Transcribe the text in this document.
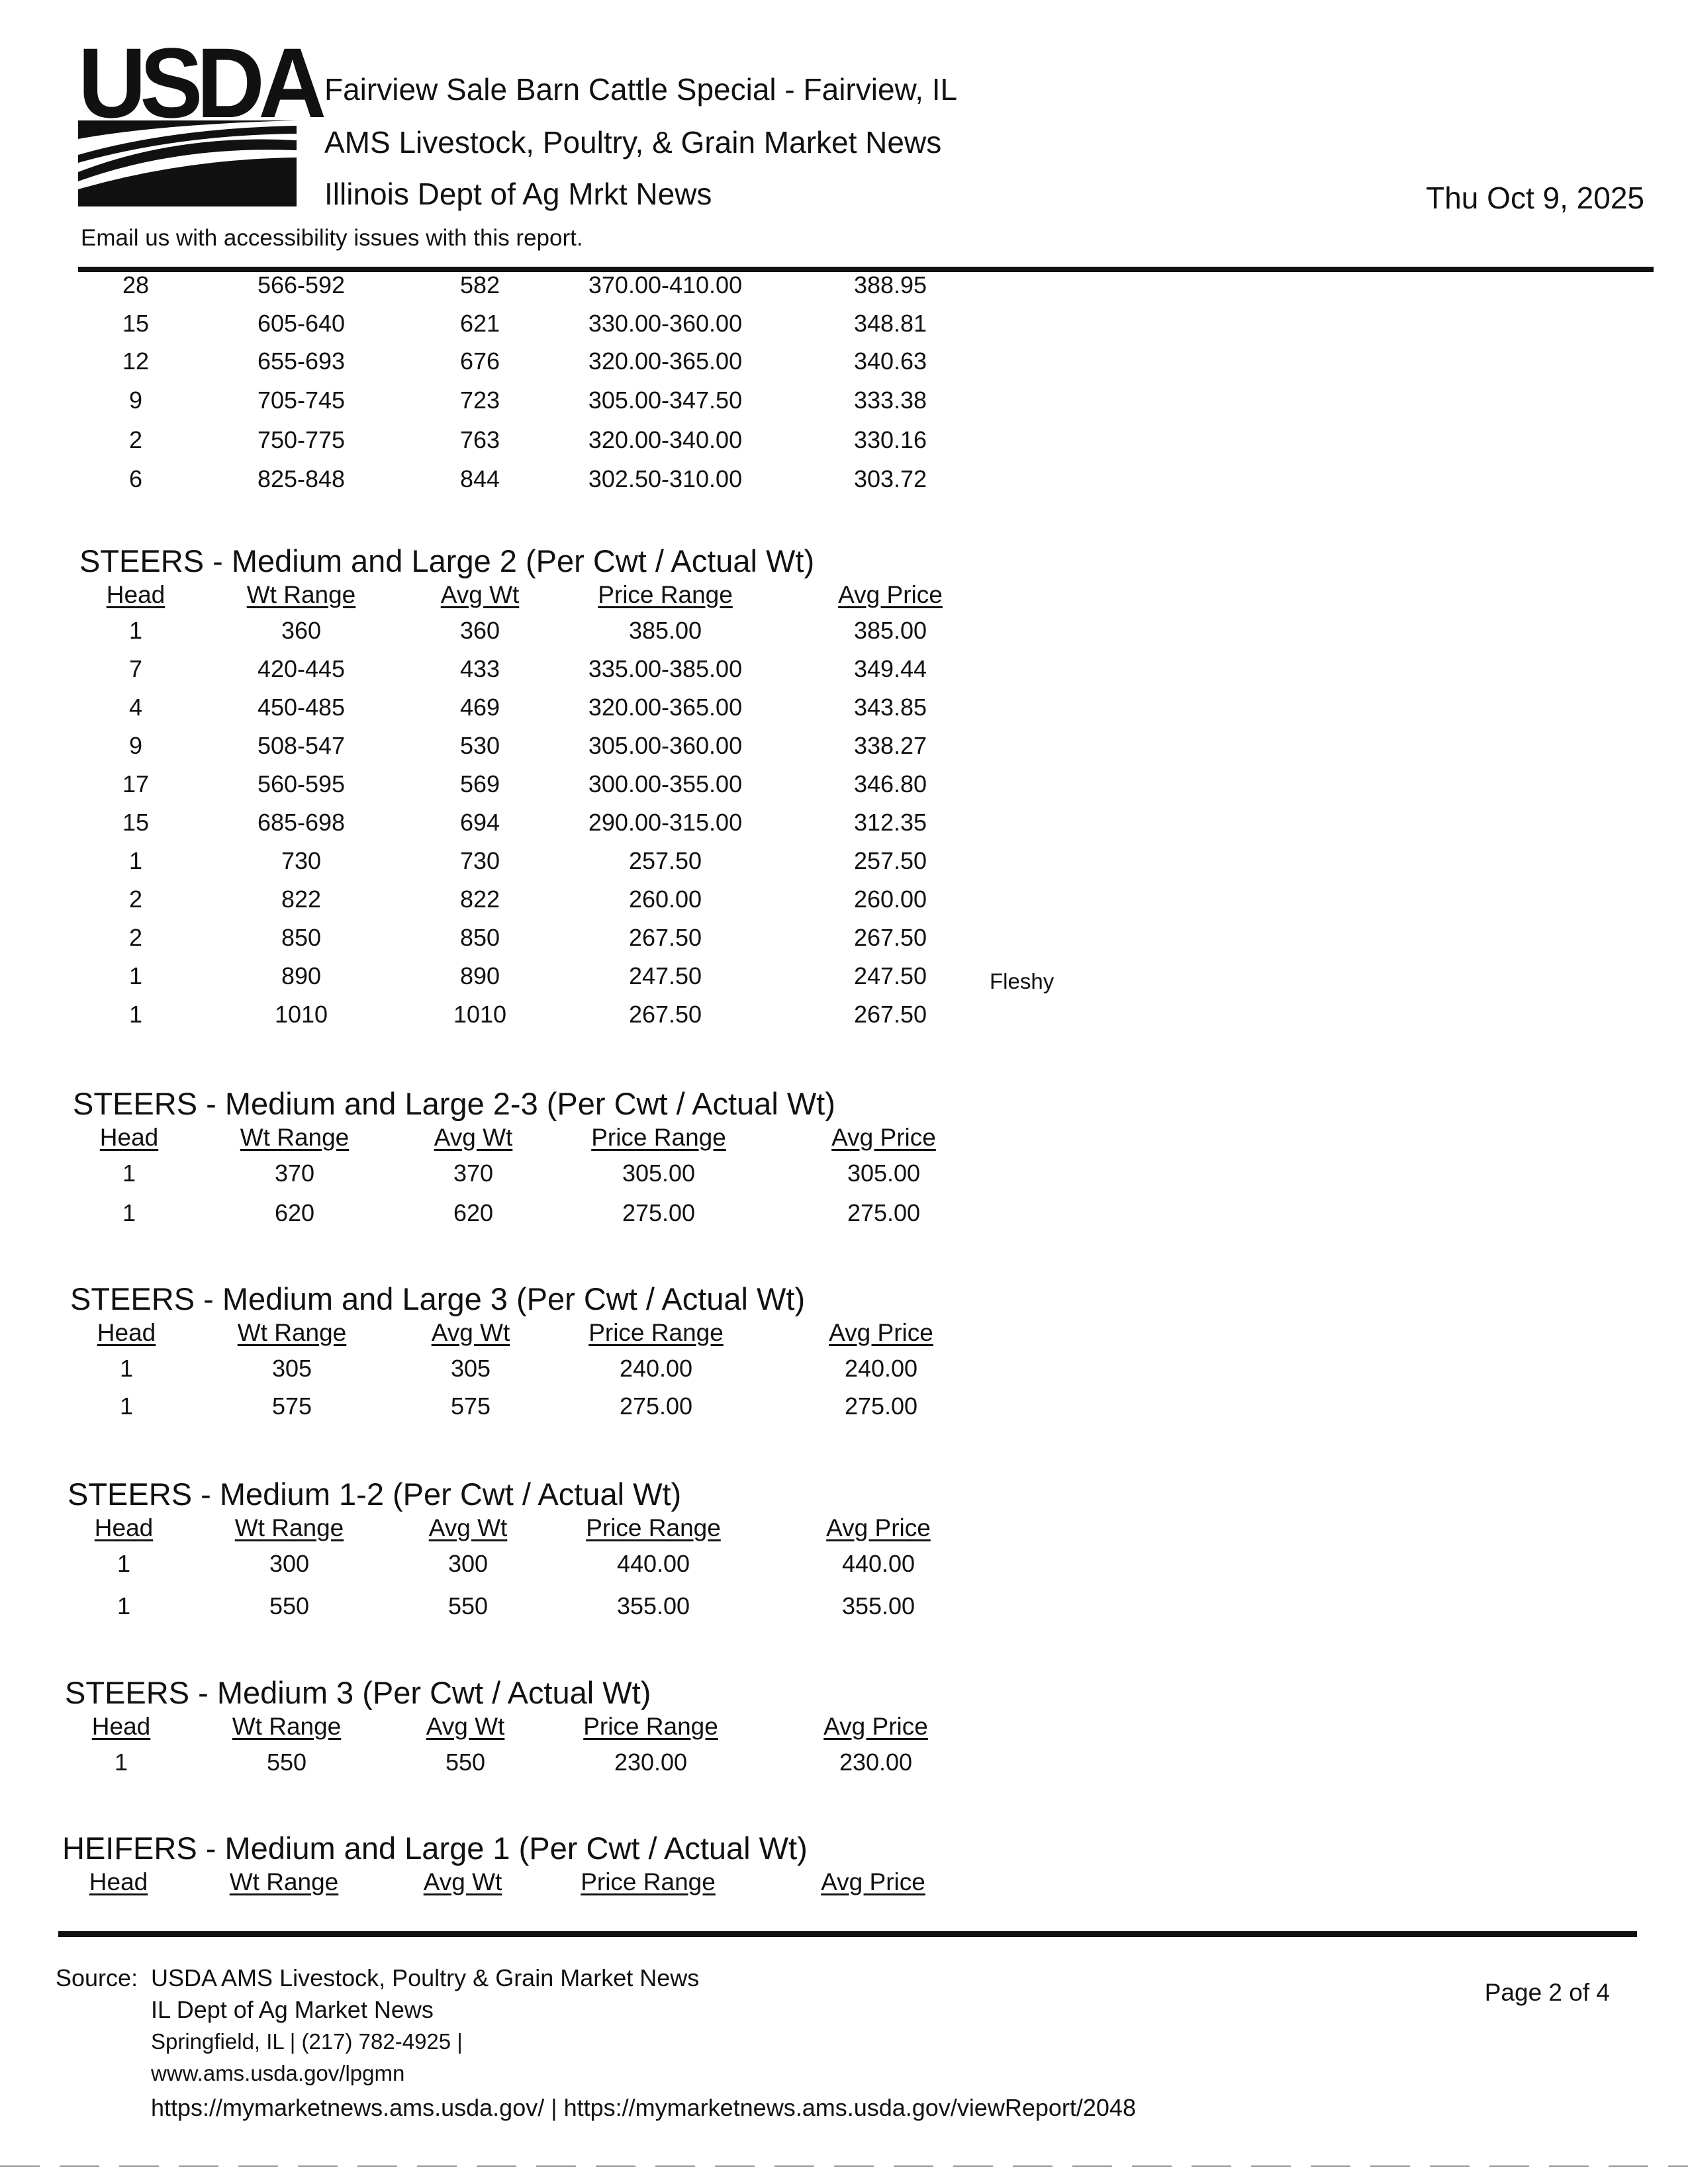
USDA Fairview Sale Barn Cattle Special - Fairview, IL
AMS Livestock, Poultry, & Grain Market News
Illinois Dept of Ag Mrkt News	Thu Oct 9, 2025
Email us with accessibility issues with this report.
28	566-592	582	370.00-410.00	388.95
15	605-640	621	330.00-360.00	348.81
12	655-693	676	320.00-365.00	340.63
9	705-745	723	305.00-347.50	333.38
2	750-775	763	320.00-340.00	330.16
6	825-848	844	302.50-310.00	303.72
STEERS - Medium and Large 2 (Per Cwt / Actual Wt)
Head	Wt Range	Avg Wt	Price Range	Avg Price
1	360	360	385.00	385.00
7	420-445	433	335.00-385.00	349.44
4	450-485	469	320.00-365.00	343.85
9	508-547	530	305.00-360.00	338.27
17	560-595	569	300.00-355.00	346.80
15	685-698	694	290.00-315.00	312.35
1	730	730	257.50	257.50
2	822	822	260.00	260.00
2	850	850	267.50	267.50
1	890	890	247.50	247.50	Fleshy
1	1010	1010	267.50	267.50
STEERS - Medium and Large 2-3 (Per Cwt / Actual Wt)
Head	Wt Range	Avg Wt	Price Range	Avg Price
1	370	370	305.00	305.00
1	620	620	275.00	275.00
STEERS - Medium and Large 3 (Per Cwt / Actual Wt)
Head	Wt Range	Avg Wt	Price Range	Avg Price
1	305	305	240.00	240.00
1	575	575	275.00	275.00
STEERS - Medium 1-2 (Per Cwt / Actual Wt)
Head	Wt Range	Avg Wt	Price Range	Avg Price
1	300	300	440.00	440.00
1	550	550	355.00	355.00
STEERS - Medium 3 (Per Cwt / Actual Wt)
Head	Wt Range	Avg Wt	Price Range	Avg Price
1	550	550	230.00	230.00
HEIFERS - Medium and Large 1 (Per Cwt / Actual Wt)
Head	Wt Range	Avg Wt	Price Range	Avg Price
Source: USDA AMS Livestock, Poultry & Grain Market News
IL Dept of Ag Market News
Springfield, IL | (217) 782-4925 |
www.ams.usda.gov/lpgmn
https://mymarketnews.ams.usda.gov/ | https://mymarketnews.ams.usda.gov/viewReport/2048
Page 2 of 4
